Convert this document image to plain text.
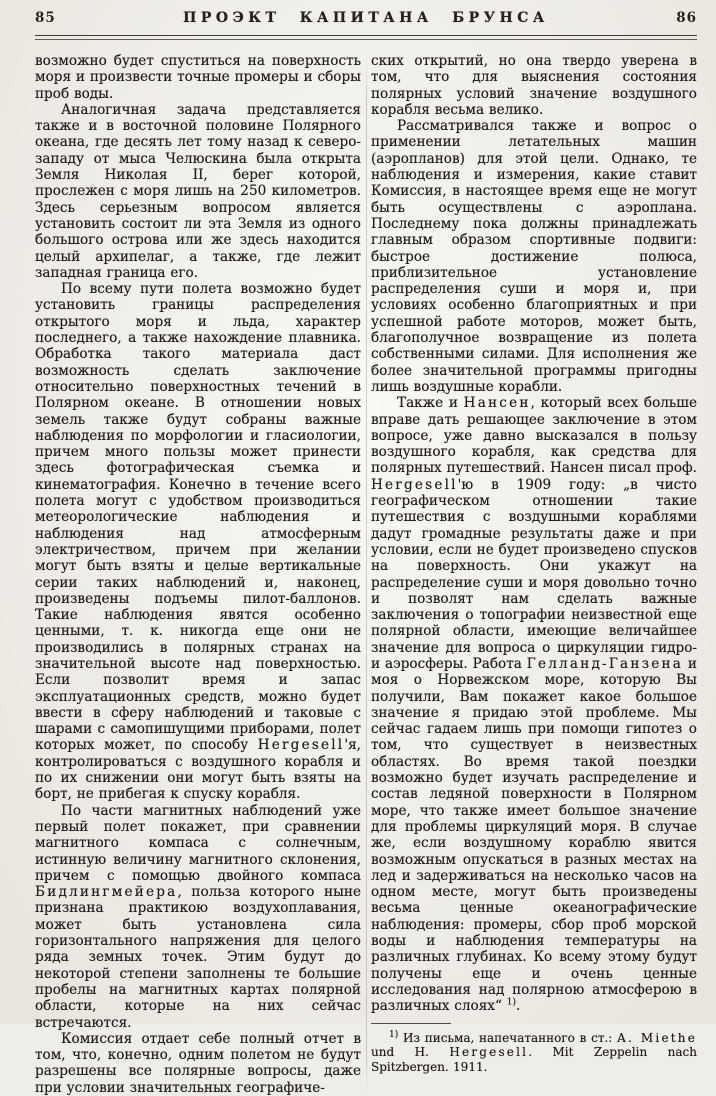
85	ПРОЭКТ КАПИТАНА БРУНСА	86

возможно будет спуститься на поверхность моря и произвести точные промеры и сборы проб воды.

Аналогичная задача представляется также и в восточной половине Полярного океана, где десять лет тому назад к северо-западу от мыса Челюскина была открыта Земля Николая II, берег которой, прослежен с моря лишь на 250 километров. Здесь серьезным вопросом является установить состоит ли эта Земля из одного большого острова или же здесь находится целый архипелаг, а также, где лежит западная граница его.

По всему пути полета возможно будет установить границы распределения открытого моря и льда, характер последнего, а также нахождение плавника. Обработка такого материала даст возможность сделать заключение относительно поверхностных течений в Полярном океане. В отношении новых земель также будут собраны важные наблюдения по морфологии и гласиологии, причем много пользы может принести здесь фотографическая съемка и кинематография. Конечно в течение всего полета могут с удобством производиться метеорологические наблюдения и наблюдения над атмосферным электричеством, причем при желании могут быть взяты и целые вертикальные серии таких наблюдений и, наконец, произведены подъемы пилот-баллонов. Такие наблюдения явятся особенно ценными, т. к. никогда еще они не производились в полярных странах на значительной высоте над поверхностью. Если позволит время и запас эксплуатационных средств, можно будет ввести в сферу наблюдений и таковые с шарами с самопишущими приборами, полет которых может, по способу Hergesell'я, контролироваться с воздушного корабля и по их снижении они могут быть взяты на борт, не прибегая к спуску корабля.

По части магнитных наблюдений уже первый полет покажет, при сравнении магнитного компаса с солнечным, истинную величину магнитного склонения, причем с помощью двойного компаса Бидлингмейера, польза которого ныне признана практикою воздухоплавания, может быть установлена сила горизонтального напряжения для целого ряда земных точек. Этим будут до некоторой степени заполнены те большие пробелы на магнитных картах полярной области, которые на них сейчас встречаются.

Комиссия отдает себе полный отчет в том, что, конечно, одним полетом не будут разрешены все полярные вопросы, даже при условии значительных географиче-

ских открытий, но она твердо уверена в том, что для выяснения состояния полярных условий значение воздушного корабля весьма велико.

Рассматривался также и вопрос о применении летательных машин (аэропланов) для этой цели. Однако, те наблюдения и измерения, какие ставит Комиссия, в настоящее время еще не могут быть осуществлены с аэроплана. Последнему пока должны принадлежать главным образом спортивные подвиги: быстрое достижение полюса, приблизительное установление распределения суши и моря и, при условиях особенно благоприятных и при успешной работе моторов, может быть, благополучное возвращение из полета собственными силами. Для исполнения же более значительной программы пригодны лишь воздушные корабли.

Также и Нансен, который всех больше вправе дать решающее заключение в этом вопросе, уже давно высказался в пользу воздушного корабля, как средства для полярных путешествий. Нансен писал проф. Hergesell'ю в 1909 году: „в чисто географическом отношении такие путешествия с воздушными кораблями дадут громадные результаты даже и при условии, если не будет произведено спусков на поверхность. Они укажут на распределение суши и моря довольно точно и позволят нам сделать важные заключения о топографии неизвестной еще полярной области, имеющие величайшее значение для вопроса о циркуляции гидро- и аэросферы. Работа Гелланд-Ганзена и моя о Норвежском море, которую Вы получили, Вам покажет какое большое значение я придаю этой проблеме. Мы сейчас гадаем лишь при помощи гипотез о том, что существует в неизвестных областях. Во время такой поездки возможно будет изучать распределение и состав ледяной поверхности в Полярном море, что также имеет большое значение для проблемы циркуляций моря. В случае же, если воздушному кораблю явится возможным опускаться в разных местах на лед и задерживаться на несколько часов на одном месте, могут быть произведены весьма ценные океанографические наблюдения: промеры, сбор проб морской воды и наблюдения температуры на различных глубинах. Ко всему этому будут получены еще и очень ценные исследования над полярною атмосферою в различных слоях“ $^{1)}$.

$^{1)}$ Из письма, напечатанного в ст.: A. Miethe und H. Hergesell. Mit Zeppelin nach Spitzbergen. 1911.
